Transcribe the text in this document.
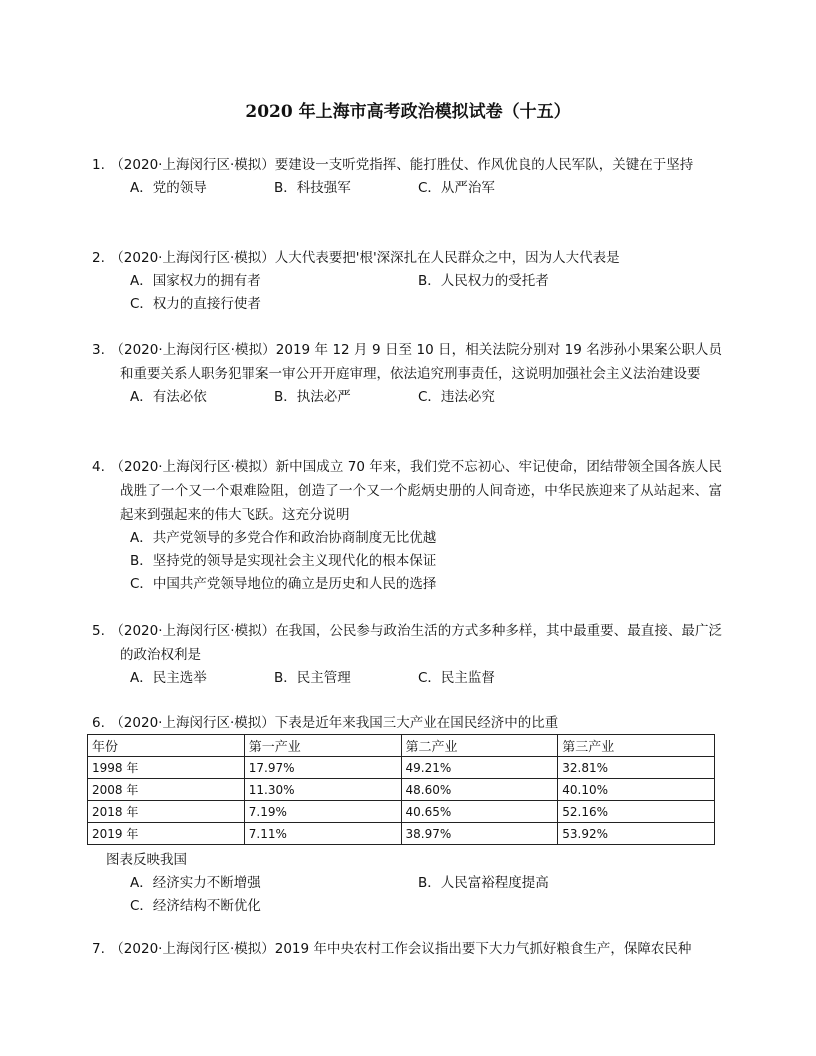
2020 年上海市高考政治模拟试卷（十五）
1. （2020·上海闵行区·模拟）要建设一支听党指挥、能打胜仗、作风优良的人民军队，关键在于坚持
A．党的领导	B．科技强军	C．从严治军
2. （2020·上海闵行区·模拟）人大代表要把'根'深深扎在人民群众之中，因为人大代表是
A．国家权力的拥有者	B．人民权力的受托者
C．权力的直接行使者
3. （2020·上海闵行区·模拟）2019 年 12 月 9 日至 10 日，相关法院分别对 19 名涉孙小果案公职人员和重要关系人职务犯罪案一审公开开庭审理，依法追究刑事责任，这说明加强社会主义法治建设要
A．有法必依	B．执法必严	C．违法必究
4. （2020·上海闵行区·模拟）新中国成立 70 年来，我们党不忘初心、牢记使命，团结带领全国各族人民战胜了一个又一个艰难险阻，创造了一个又一个彪炳史册的人间奇迹，中华民族迎来了从站起来、富起来到强起来的伟大飞跃。这充分说明
A．共产党领导的多党合作和政治协商制度无比优越
B．坚持党的领导是实现社会主义现代化的根本保证
C．中国共产党领导地位的确立是历史和人民的选择
5. （2020·上海闵行区·模拟）在我国，公民参与政治生活的方式多种多样，其中最重要、最直接、最广泛的政治权利是
A．民主选举	B．民主管理	C．民主监督
6. （2020·上海闵行区·模拟）下表是近年来我国三大产业在国民经济中的比重
年份	第一产业	第二产业	第三产业
1998 年	17.97%	49.21%	32.81%
2008 年	11.30%	48.60%	40.10%
2018 年	7.19%	40.65%	52.16%
2019 年	7.11%	38.97%	53.92%
图表反映我国
A．经济实力不断增强	B．人民富裕程度提高
C．经济结构不断优化
7. （2020·上海闵行区·模拟）2019 年中央农村工作会议指出要下大力气抓好粮食生产，保障农民种
